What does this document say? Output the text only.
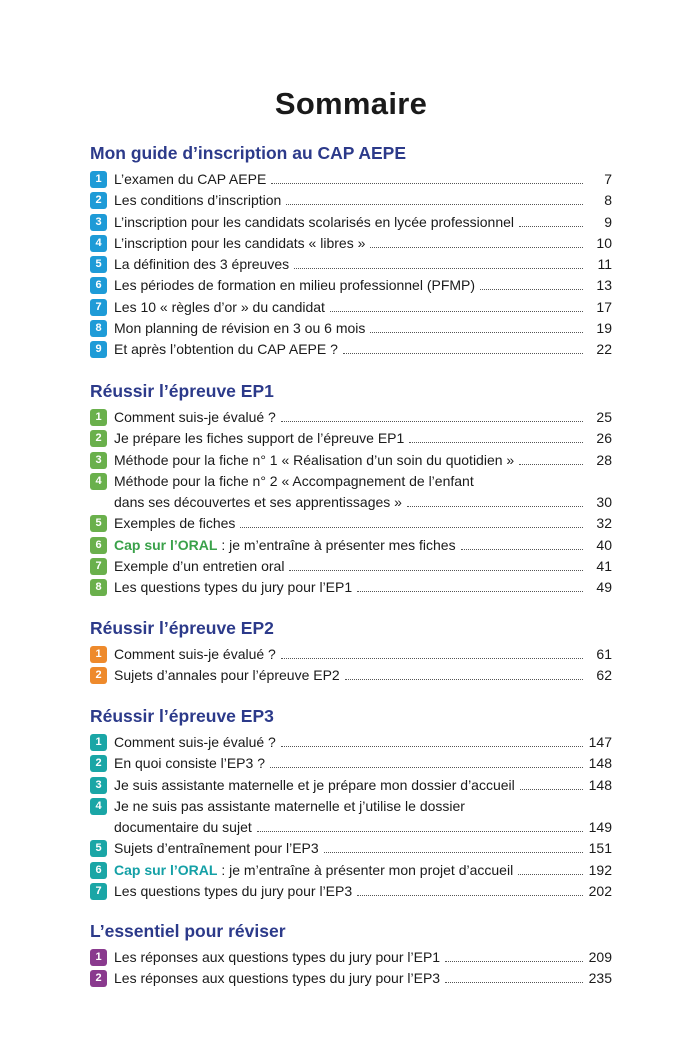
Sommaire
Mon guide d’inscription au CAP AEPE
1 L’examen du CAP AEPE	7
2 Les conditions d’inscription	8
3 L’inscription pour les candidats scolarisés en lycée professionnel	9
4 L’inscription pour les candidats « libres »	10
5 La définition des 3 épreuves	11
6 Les périodes de formation en milieu professionnel (PFMP)	13
7 Les 10 « règles d’or » du candidat	17
8 Mon planning de révision en 3 ou 6 mois	19
9 Et après l’obtention du CAP AEPE ?	22
Réussir l’épreuve EP1
1 Comment suis-je évalué ?	25
2 Je prépare les fiches support de l’épreuve EP1	26
3 Méthode pour la fiche n° 1 « Réalisation d’un soin du quotidien »	28
4 Méthode pour la fiche n° 2 « Accompagnement de l’enfant
dans ses découvertes et ses apprentissages »	30
5 Exemples de fiches	32
6 Cap sur l’ORAL : je m’entraîne à présenter mes fiches	40
7 Exemple d’un entretien oral	41
8 Les questions types du jury pour l’EP1	49
Réussir l’épreuve EP2
1 Comment suis-je évalué ?	61
2 Sujets d’annales pour l’épreuve EP2	62
Réussir l’épreuve EP3
1 Comment suis-je évalué ?	147
2 En quoi consiste l’EP3 ?	148
3 Je suis assistante maternelle et je prépare mon dossier d’accueil	148
4 Je ne suis pas assistante maternelle et j’utilise le dossier
documentaire du sujet	149
5 Sujets d’entraînement pour l’EP3	151
6 Cap sur l’ORAL : je m’entraîne à présenter mon projet d’accueil	192
7 Les questions types du jury pour l’EP3	202
L’essentiel pour réviser
1 Les réponses aux questions types du jury pour l’EP1	209
2 Les réponses aux questions types du jury pour l’EP3	235
